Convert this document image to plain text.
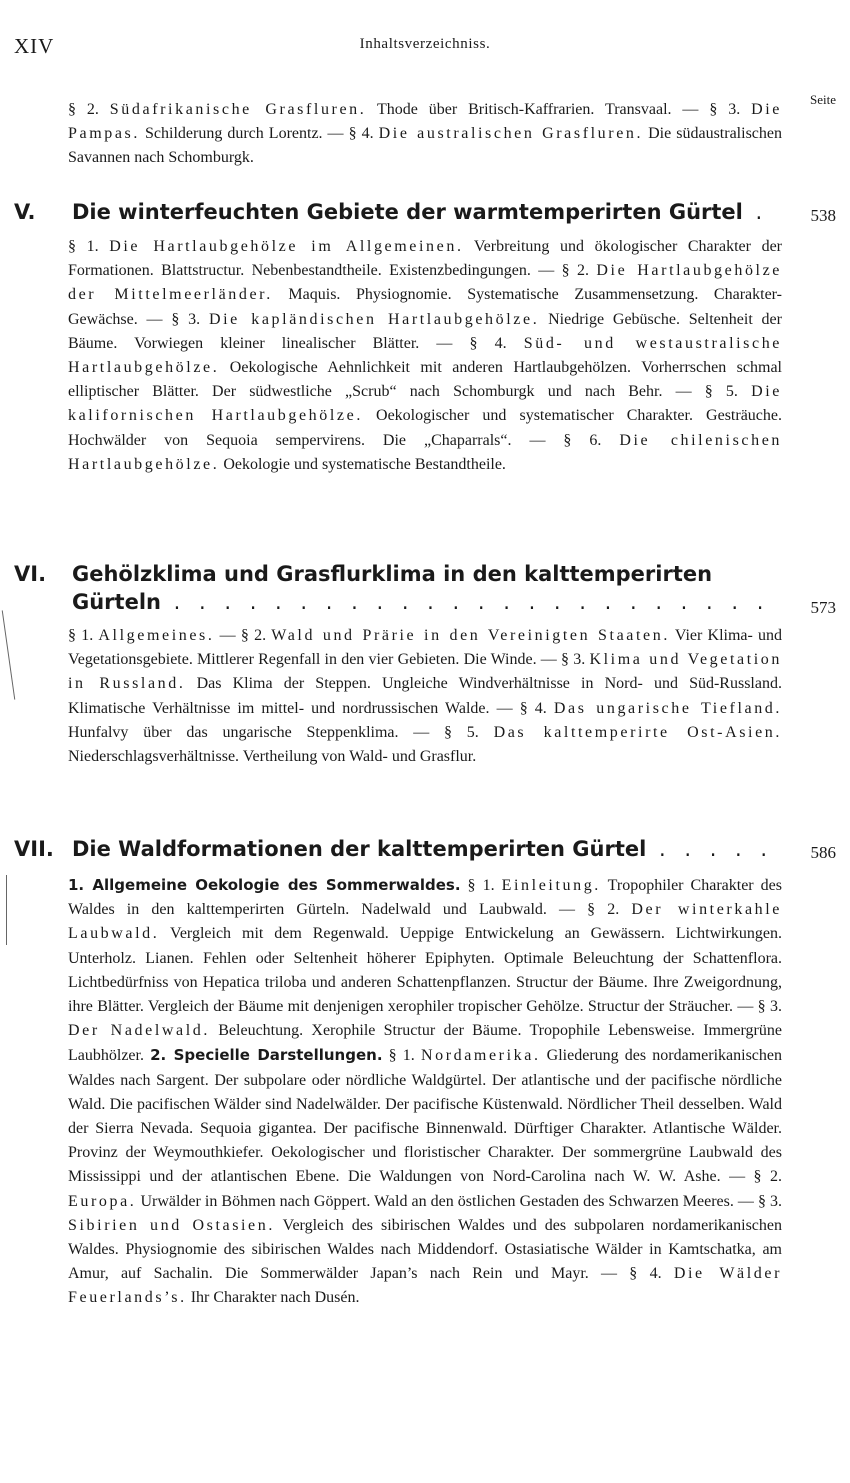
XIV	Inhaltsverzeichniss.
Seite

§ 2. Südafrikanische Grasfluren. Thode über Britisch-Kaffrarien. Transvaal. — § 3. Die Pampas. Schilderung durch Lorentz. — § 4. Die australischen Grasfluren. Die südaustralischen Savannen nach Schomburgk.

V. Die winterfeuchten Gebiete der warmtemperirten Gürtel .	538

§ 1. Die Hartlaubgehölze im Allgemeinen. Verbreitung und ökologischer Charakter der Formationen. Blattstructur. Nebenbestandtheile. Existenzbedingungen. — § 2. Die Hartlaubgehölze der Mittelmeerländer. Maquis. Physiognomie. Systematische Zusammensetzung. Charakter-Gewächse. — § 3. Die kapländischen Hartlaubgehölze. Niedrige Gebüsche. Seltenheit der Bäume. Vorwiegen kleiner linealischer Blätter. — § 4. Süd- und westaustralische Hartlaubgehölze. Oekologische Aehnlichkeit mit anderen Hartlaubgehölzen. Vorherrschen schmal elliptischer Blätter. Der südwestliche „Scrub“ nach Schomburgk und nach Behr. — § 5. Die kalifornischen Hartlaubgehölze. Oekologischer und systematischer Charakter. Gesträuche. Hochwälder von Sequoia sempervirens. Die „Chaparrals“. — § 6. Die chilenischen Hartlaubgehölze. Oekologie und systematische Bestandtheile.

VI. Gehölzklima und Grasflurklima in den kalttemperirten
Gürteln . . . . . . . . . . . . . . . . . . . . . . . .	573

§ 1. Allgemeines. — § 2. Wald und Prärie in den Vereinigten Staaten. Vier Klima- und Vegetationsgebiete. Mittlerer Regenfall in den vier Gebieten. Die Winde. — § 3. Klima und Vegetation in Russland. Das Klima der Steppen. Ungleiche Windverhältnisse in Nord- und Süd-Russland. Klimatische Verhältnisse im mittel- und nordrussischen Walde. — § 4. Das ungarische Tiefland. Hunfalvy über das ungarische Steppenklima. — § 5. Das kalttemperirte Ost-Asien. Niederschlagsverhältnisse. Vertheilung von Wald- und Grasflur.

VII. Die Waldformationen der kalttemperirten Gürtel . . . . .	586

1. Allgemeine Oekologie des Sommerwaldes. § 1. Einleitung. Tropophiler Charakter des Waldes in den kalttemperirten Gürteln. Nadelwald und Laubwald. — § 2. Der winterkahle Laubwald. Vergleich mit dem Regenwald. Ueppige Entwickelung an Gewässern. Lichtwirkungen. Unterholz. Lianen. Fehlen oder Seltenheit höherer Epiphyten. Optimale Beleuchtung der Schattenflora. Lichtbedürfniss von Hepatica triloba und anderen Schattenpflanzen. Structur der Bäume. Ihre Zweigordnung, ihre Blätter. Vergleich der Bäume mit denjenigen xerophiler tropischer Gehölze. Structur der Sträucher. — § 3. Der Nadelwald. Beleuchtung. Xerophile Structur der Bäume. Tropophile Lebensweise. Immergrüne Laubhölzer. 2. Specielle Darstellungen. § 1. Nordamerika. Gliederung des nordamerikanischen Waldes nach Sargent. Der subpolare oder nördliche Waldgürtel. Der atlantische und der pacifische nördliche Wald. Die pacifischen Wälder sind Nadelwälder. Der pacifische Küstenwald. Nördlicher Theil desselben. Wald der Sierra Nevada. Sequoia gigantea. Der pacifische Binnenwald. Dürftiger Charakter. Atlantische Wälder. Provinz der Weymouthkiefer. Oekologischer und floristischer Charakter. Der sommergrüne Laubwald des Mississippi und der atlantischen Ebene. Die Waldungen von Nord-Carolina nach W. W. Ashe. — § 2. Europa. Urwälder in Böhmen nach Göppert. Wald an den östlichen Gestaden des Schwarzen Meeres. — § 3. Sibirien und Ostasien. Vergleich des sibirischen Waldes und des subpolaren nordamerikanischen Waldes. Physiognomie des sibirischen Waldes nach Middendorf. Ostasiatische Wälder in Kamtschatka, am Amur, auf Sachalin. Die Sommerwälder Japan’s nach Rein und Mayr. — § 4. Die Wälder Feuerlands’s. Ihr Charakter nach Dusén.
